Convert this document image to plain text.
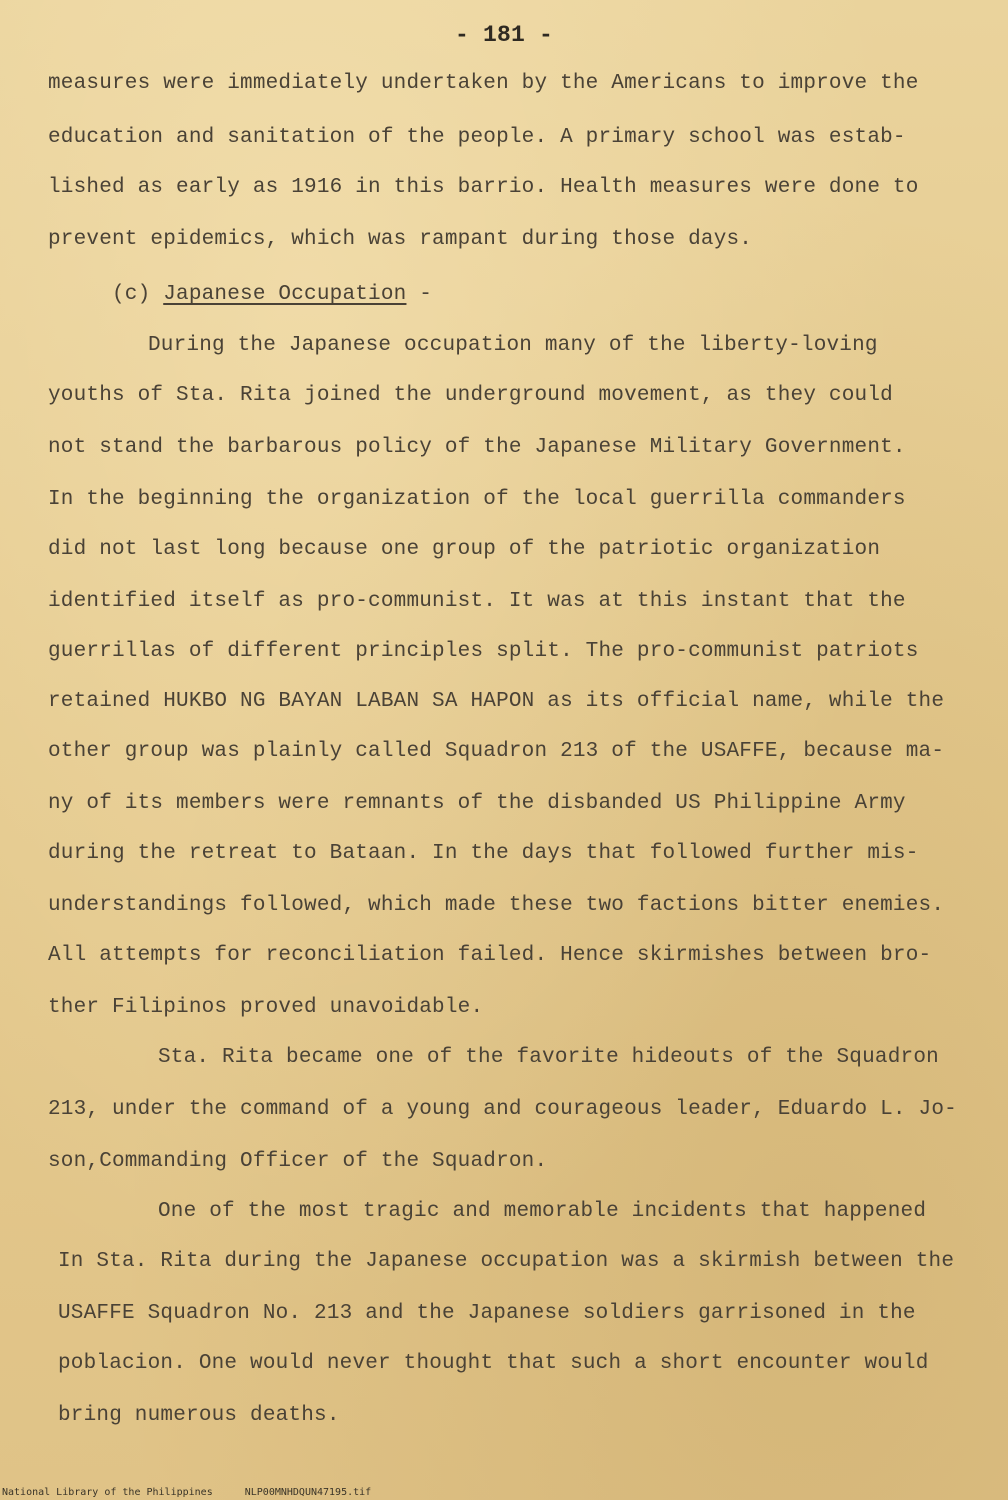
- 181 -

measures were immediately undertaken by the Americans to improve the

education and sanitation of the people. A primary school was estab-

lished as early as 1916 in this barrio. Health measures were done to

prevent epidemics, which was rampant during those days.

(c) Japanese Occupation -

During the Japanese occupation many of the liberty-loving

youths of Sta. Rita joined the underground movement, as they could

not stand the barbarous policy of the Japanese Military Government.

In the beginning the organization of the local guerrilla commanders

did not last long because one group of the patriotic organization

identified itself as pro-communist. It was at this instant that the

guerrillas of different principles split. The pro-communist patriots

retained HUKBO NG BAYAN LABAN SA HAPON as its official name, while the

other group was plainly called Squadron 213 of the USAFFE, because ma-

ny of its members were remnants of the disbanded US Philippine Army

during the retreat to Bataan. In the days that followed further mis-

understandings followed, which made these two factions bitter enemies.

All attempts for reconciliation failed. Hence skirmishes between bro-

ther Filipinos proved unavoidable.

Sta. Rita became one of the favorite hideouts of the Squadron

213, under the command of a young and courageous leader, Eduardo L. Jo-

son,Commanding Officer of the Squadron.

One of the most tragic and memorable incidents that happened

In Sta. Rita during the Japanese occupation was a skirmish between the

USAFFE Squadron No. 213 and the Japanese soldiers garrisoned in the

poblacion. One would never thought that such a short encounter would

bring numerous deaths.

National Library of the Philippines	NLP00MNHDQUN47195.tif
